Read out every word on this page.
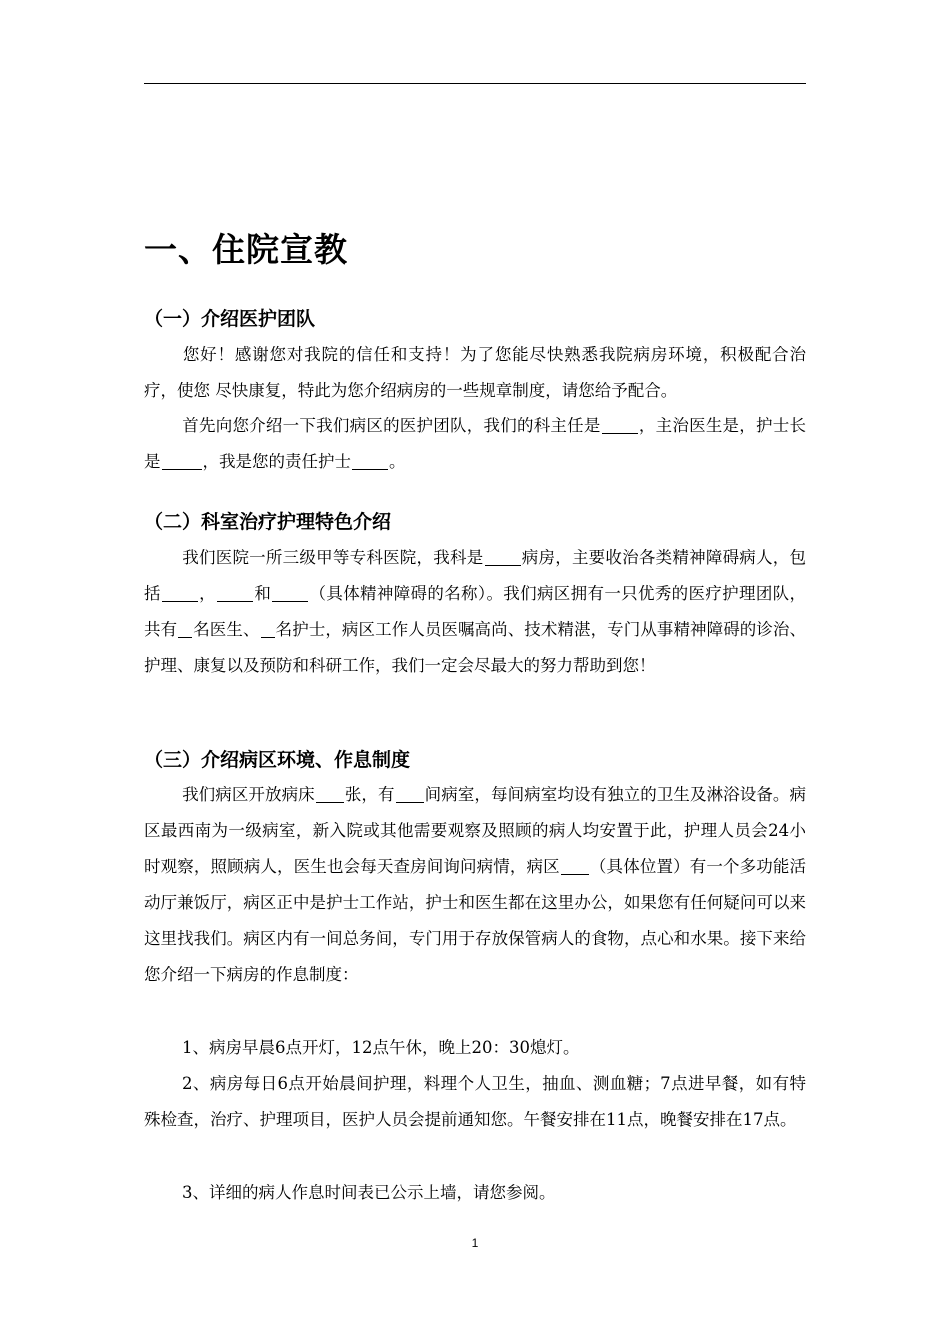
一、住院宣教
（一）介绍医护团队

您好！感谢您对我院的信任和支持！为了您能尽快熟悉我院病房环境，积极配合治疗，使您 尽快康复，特此为您介绍病房的一些规章制度，请您给予配合。

首先向您介绍一下我们病区的医护团队，我们的科主任是 ，主治医生是，护士长是	，我是您的责任护士 。

（二）科室治疗护理特色介绍

我们医院一所三级甲等专科医院，我科是 病房，主要收治各类精神障碍病人，包括 ， 和 （具体精神障碍的名称）。我们病区拥有一只优秀的医疗护理团队，共有 名医生、 名护士，病区工作人员医嘱高尚、技术精湛，专门从事精神障碍的诊治、护理、康复以及预防和科研工作，我们一定会尽最大的努力帮助到您！

（三）介绍病区环境、作息制度

我们病区开放病床 张，有 间病室，每间病室均设有独立的卫生及淋浴设备。病区最西南为一级病室，新入院或其他需要观察及照顾的病人均安置于此，护理人员会24小时观察，照顾病人，医生也会每天查房间询问病情，病区 （具体位置）有一个多功能活动厅兼饭厅，病区正中是护士工作站，护士和医生都在这里办公，如果您有任何疑问可以来这里找我们。病区内有一间总务间，专门用于存放保管病人的食物，点心和水果。接下来给您介绍一下病房的作息制度：

1、病房早晨6点开灯，12点午休，晚上20：30熄灯。

2、病房每日6点开始晨间护理，料理个人卫生，抽血、测血糖；7点进早餐，如有特殊检查，治疗、护理项目，医护人员会提前通知您。午餐安排在11点，晚餐安排在17点。

3、详细的病人作息时间表已公示上墙，请您参阅。

1
